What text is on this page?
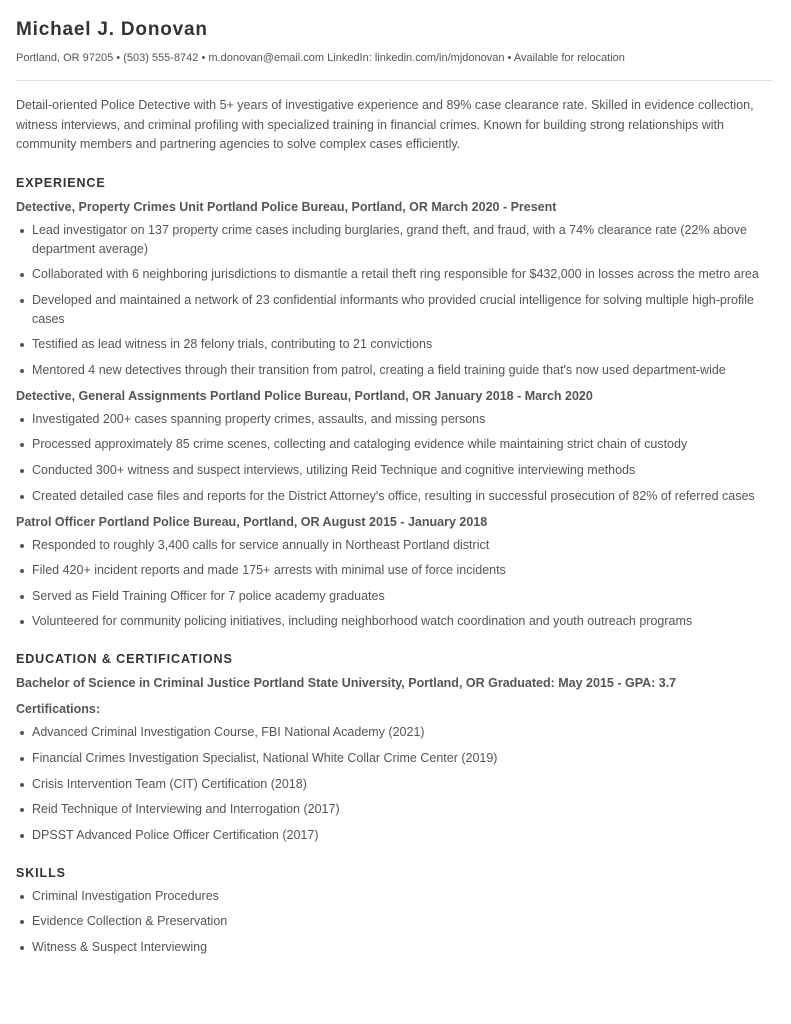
Michael J. Donovan
Portland, OR 97205 • (503) 555-8742 • m.donovan@email.com LinkedIn: linkedin.com/in/mjdonovan • Available for relocation
Detail-oriented Police Detective with 5+ years of investigative experience and 89% case clearance rate. Skilled in evidence collection, witness interviews, and criminal profiling with specialized training in financial crimes. Known for building strong relationships with community members and partnering agencies to solve complex cases efficiently.
EXPERIENCE
Detective, Property Crimes Unit Portland Police Bureau, Portland, OR March 2020 - Present
Lead investigator on 137 property crime cases including burglaries, grand theft, and fraud, with a 74% clearance rate (22% above department average)
Collaborated with 6 neighboring jurisdictions to dismantle a retail theft ring responsible for $432,000 in losses across the metro area
Developed and maintained a network of 23 confidential informants who provided crucial intelligence for solving multiple high-profile cases
Testified as lead witness in 28 felony trials, contributing to 21 convictions
Mentored 4 new detectives through their transition from patrol, creating a field training guide that's now used department-wide
Detective, General Assignments Portland Police Bureau, Portland, OR January 2018 - March 2020
Investigated 200+ cases spanning property crimes, assaults, and missing persons
Processed approximately 85 crime scenes, collecting and cataloging evidence while maintaining strict chain of custody
Conducted 300+ witness and suspect interviews, utilizing Reid Technique and cognitive interviewing methods
Created detailed case files and reports for the District Attorney's office, resulting in successful prosecution of 82% of referred cases
Patrol Officer Portland Police Bureau, Portland, OR August 2015 - January 2018
Responded to roughly 3,400 calls for service annually in Northeast Portland district
Filed 420+ incident reports and made 175+ arrests with minimal use of force incidents
Served as Field Training Officer for 7 police academy graduates
Volunteered for community policing initiatives, including neighborhood watch coordination and youth outreach programs
EDUCATION & CERTIFICATIONS
Bachelor of Science in Criminal Justice Portland State University, Portland, OR Graduated: May 2015 - GPA: 3.7
Certifications:
Advanced Criminal Investigation Course, FBI National Academy (2021)
Financial Crimes Investigation Specialist, National White Collar Crime Center (2019)
Crisis Intervention Team (CIT) Certification (2018)
Reid Technique of Interviewing and Interrogation (2017)
DPSST Advanced Police Officer Certification (2017)
SKILLS
Criminal Investigation Procedures
Evidence Collection & Preservation
Witness & Suspect Interviewing
